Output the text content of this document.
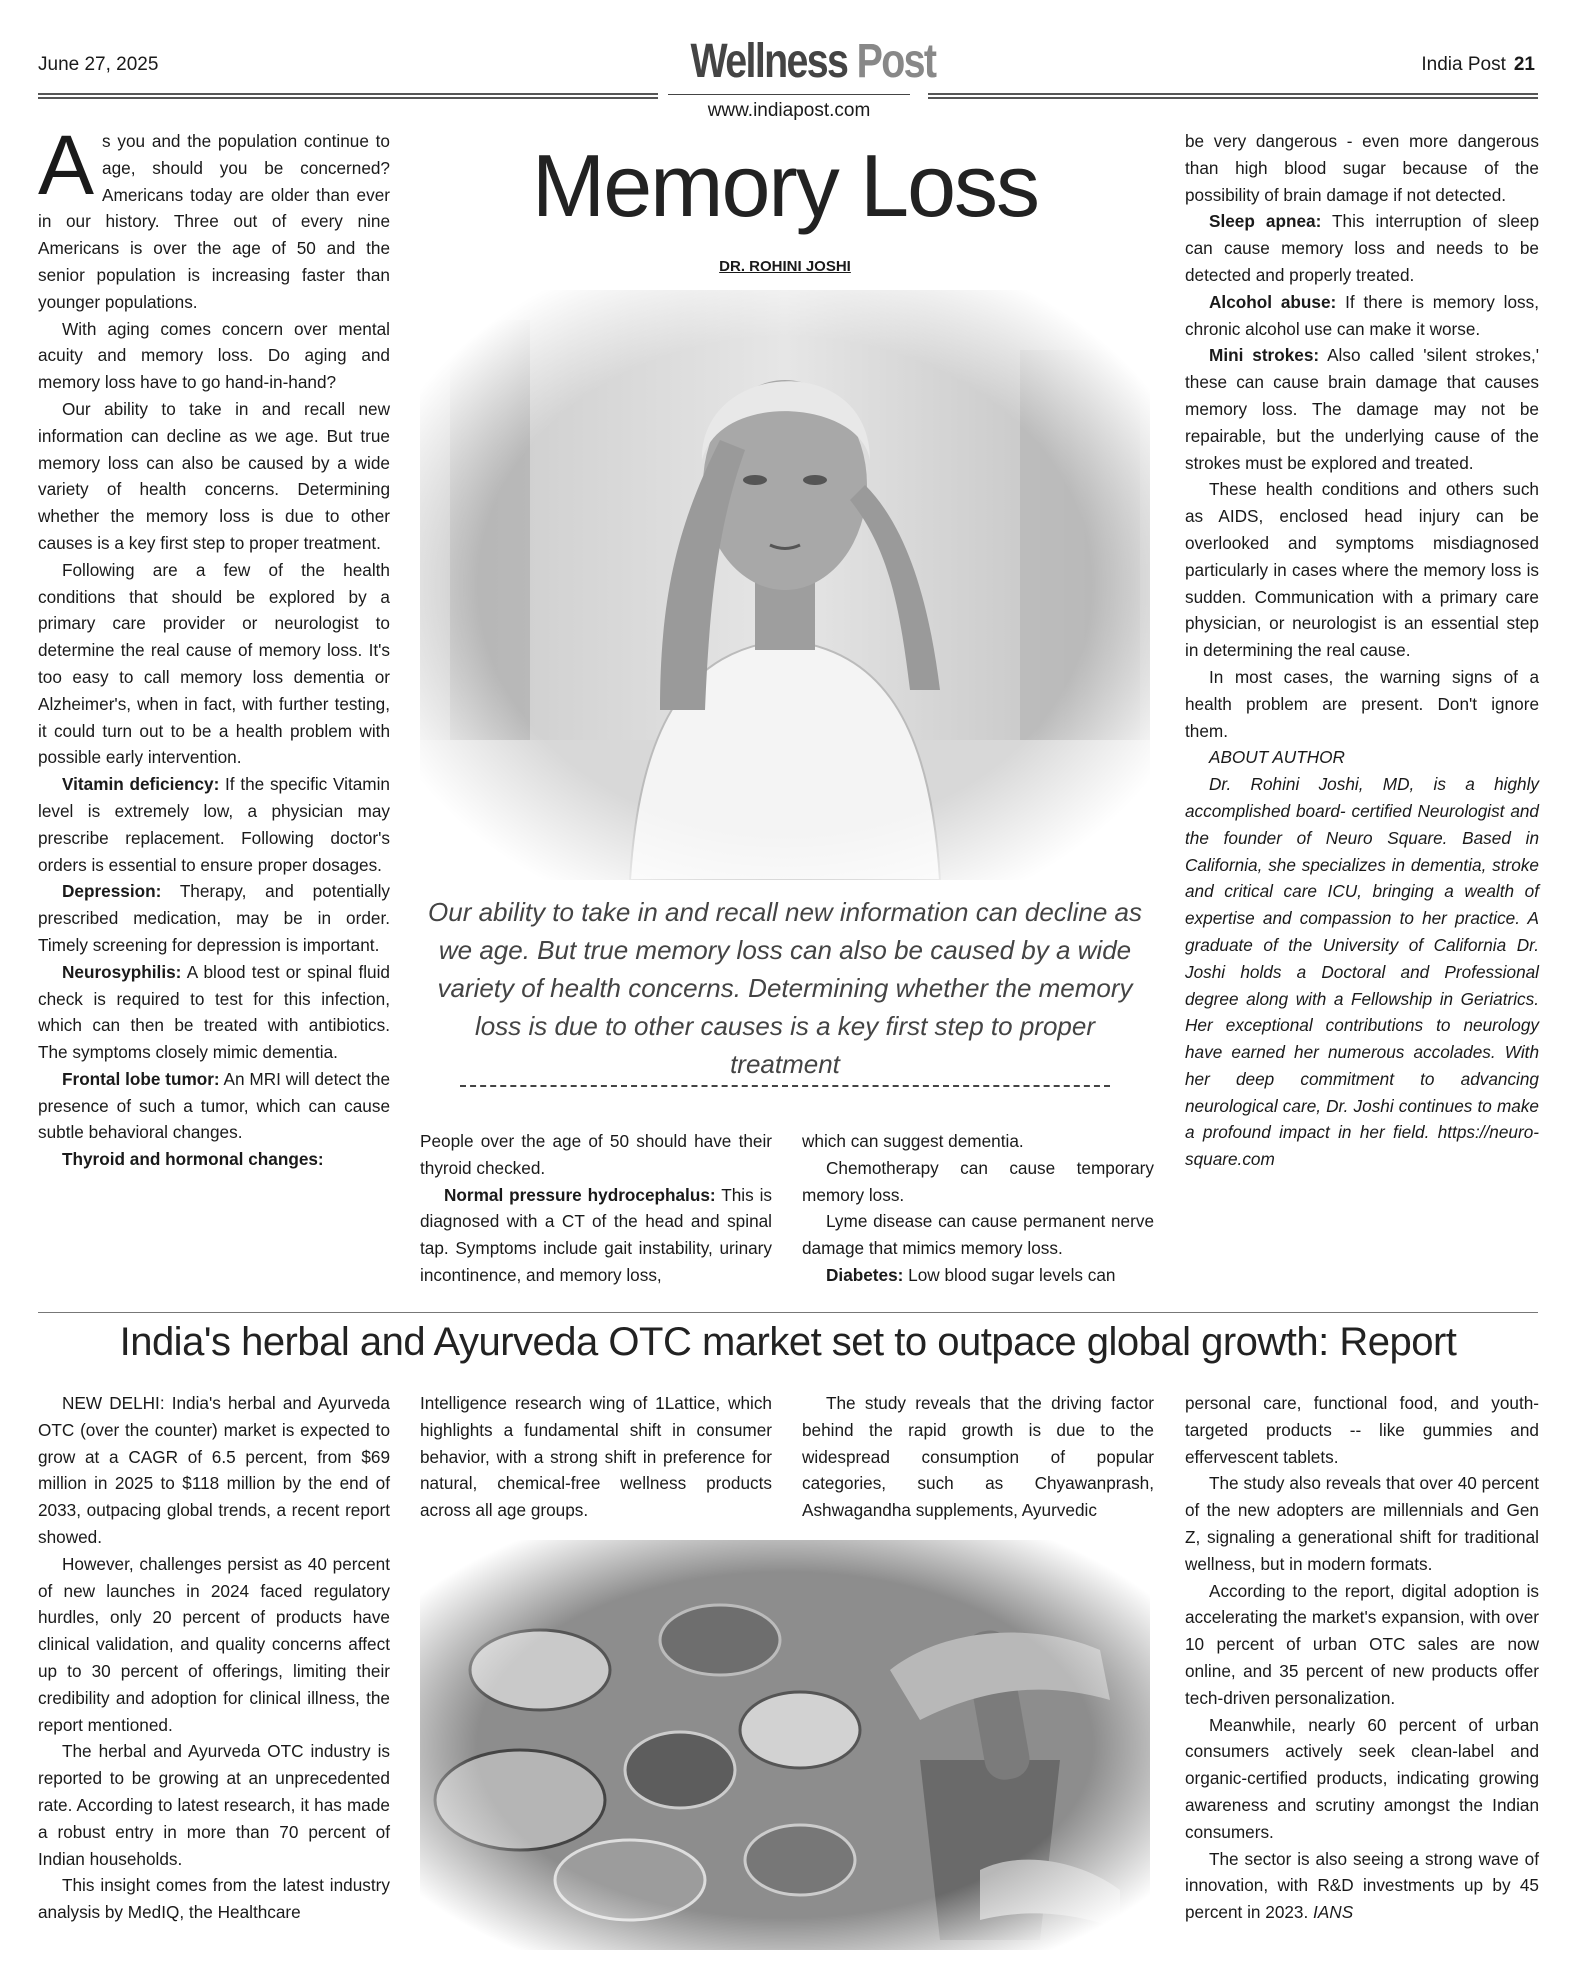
June 27, 2025	Wellness Post
www.indiapost.com
India Post 21
Memory Loss
DR. ROHINI JOSHI
A s you and the population continue to age, should you be concerned? Americans today are older than ever in our history. Three out of every nine Americans is over the age of 50 and the senior population is increasing faster than younger populations.

With aging comes concern over mental acuity and memory loss. Do aging and memory loss have to go hand-in-hand?

Our ability to take in and recall new information can decline as we age. But true memory loss can also be caused by a wide variety of health concerns. Determining whether the memory loss is due to other causes is a key first step to proper treatment.

Following are a few of the health conditions that should be explored by a primary care provider or neurologist to determine the real cause of memory loss. It's too easy to call memory loss dementia or Alzheimer's, when in fact, with further testing, it could turn out to be a health problem with possible early intervention.

Vitamin deficiency: If the specific Vitamin level is extremely low, a physician may prescribe replacement. Following doctor's orders is essential to ensure proper dosages.

Depression: Therapy, and potentially prescribed medication, may be in order. Timely screening for depression is important.

Neurosyphilis: A blood test or spinal fluid check is required to test for this infection, which can then be treated with antibiotics. The symptoms closely mimic dementia.

Frontal lobe tumor: An MRI will detect the presence of such a tumor, which can cause subtle behavioral changes.

Thyroid and hormonal changes:

People over the age of 50 should have their thyroid checked.

Normal pressure hydrocephalus: This is diagnosed with a CT of the head and spinal tap. Symptoms include gait instability, urinary incontinence, and memory loss,

which can suggest dementia.

Chemotherapy can cause temporary memory loss.

Lyme disease can cause permanent nerve damage that mimics memory loss.

Diabetes: Low blood sugar levels can

be very dangerous - even more dangerous than high blood sugar because of the possibility of brain damage if not detected.

Sleep apnea: This interruption of sleep can cause memory loss and needs to be detected and properly treated.

Alcohol abuse: If there is memory loss, chronic alcohol use can make it worse.

Mini strokes: Also called 'silent strokes,' these can cause brain damage that causes memory loss. The damage may not be repairable, but the underlying cause of the strokes must be explored and treated.

These health conditions and others such as AIDS, enclosed head injury can be overlooked and symptoms misdiagnosed particularly in cases where the memory loss is sudden. Communication with a primary care physician, or neurologist is an essential step in determining the real cause.

In most cases, the warning signs of a health problem are present. Don't ignore them.

ABOUT AUTHOR

Dr. Rohini Joshi, MD, is a highly accomplished board- certified Neurologist and the founder of Neuro Square. Based in California, she specializes in dementia, stroke and critical care ICU, bringing a wealth of expertise and compassion to her practice. A graduate of the University of California Dr. Joshi holds a Doctoral and Professional degree along with a Fellowship in Geriatrics. Her exceptional contributions to neurology have earned her numerous accolades. With her deep commitment to advancing neurological care, Dr. Joshi continues to make a profound impact in her field. https://neuro-square.com

Our ability to take in and recall new information can decline as we age. But true memory loss can also be caused by a wide variety of health concerns. Determining whether the memory loss is due to other causes is a key first step to proper treatment
India's herbal and Ayurveda OTC market set to outpace global growth: Report

NEW DELHI: India's herbal and Ayurveda OTC (over the counter) market is expected to grow at a CAGR of 6.5 percent, from $69 million in 2025 to $118 million by the end of 2033, outpacing global trends, a recent report showed.

However, challenges persist as 40 percent of new launches in 2024 faced regulatory hurdles, only 20 percent of products have clinical validation, and quality concerns affect up to 30 percent of offerings, limiting their credibility and adoption for clinical illness, the report mentioned.

The herbal and Ayurveda OTC industry is reported to be growing at an unprecedented rate. According to latest research, it has made a robust entry in more than 70 percent of Indian households.

This insight comes from the latest industry analysis by MedIQ, the Healthcare

Intelligence research wing of 1Lattice, which highlights a fundamental shift in consumer behavior, with a strong shift in preference for natural, chemical-free wellness products across all age groups.

The study reveals that the driving factor behind the rapid growth is due to the widespread consumption of popular categories, such as Chyawanprash, Ashwagandha supplements, Ayurvedic

personal care, functional food, and youth-targeted products -- like gummies and effervescent tablets.

The study also reveals that over 40 percent of the new adopters are millennials and Gen Z, signaling a generational shift for traditional wellness, but in modern formats.

According to the report, digital adoption is accelerating the market's expansion, with over 10 percent of urban OTC sales are now online, and 35 percent of new products offer tech-driven personalization.

Meanwhile, nearly 60 percent of urban consumers actively seek clean-label and organic-certified products, indicating growing awareness and scrutiny amongst the Indian consumers.

The sector is also seeing a strong wave of innovation, with R&D investments up by 45 percent in 2023. IANS
